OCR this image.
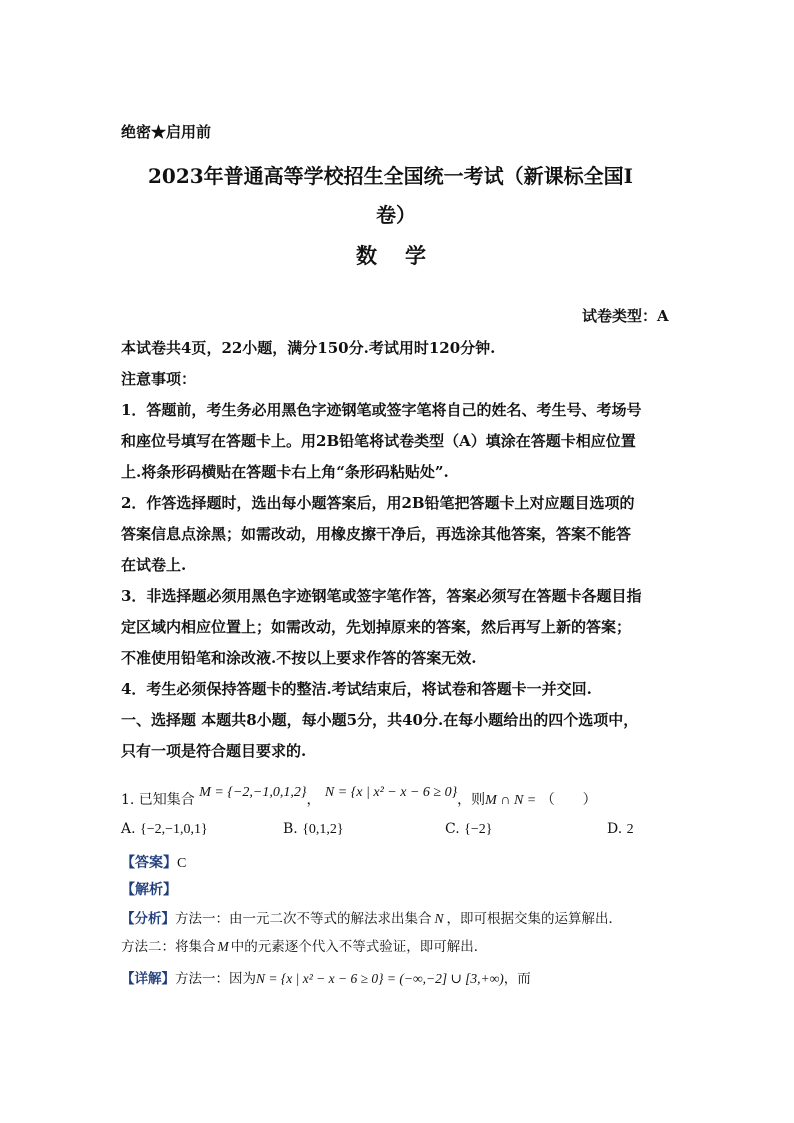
绝密★启用前
2023年普通高等学校招生全国统一考试（新课标全国Ⅰ
卷）
数学
试卷类型：A
本试卷共4页，22小题，满分150分.考试用时120分钟.
注意事项：
1．答题前，考生务必用黑色字迹钢笔或签字笔将自己的姓名、考生号、考场号
和座位号填写在答题卡上。用2B铅笔将试卷类型（A）填涂在答题卡相应位置
上.将条形码横贴在答题卡右上角“条形码粘贴处”.
2．作答选择题时，选出每小题答案后，用2B铅笔把答题卡上对应题目选项的
答案信息点涂黑；如需改动，用橡皮擦干净后，再选涂其他答案，答案不能答
在试卷上.
3．非选择题必须用黑色字迹钢笔或签字笔作答，答案必须写在答题卡各题目指
定区域内相应位置上；如需改动，先划掉原来的答案，然后再写上新的答案；
不准使用铅笔和涂改液.不按以上要求作答的答案无效.
4．考生必须保持答题卡的整洁.考试结束后，将试卷和答题卡一并交回.
一、选择题 本题共8小题，每小题5分，共40分.在每小题给出的四个选项中，
只有一项是符合题目要求的.
1. 已知集合 M = {−2,−1,0,1,2}， N = {x | x² − x − 6 ≥ 0}，则M ∩ N = （　　）
A. {−2,−1,0,1}	B. {0,1,2}	C. {−2}	D. 2
【答案】C
【解析】
【分析】方法一：由一元二次不等式的解法求出集合 N ，即可根据交集的运算解出．
方法二：将集合 M 中的元素逐个代入不等式验证，即可解出．
【详解】方法一：因为N = {x | x² − x − 6 ≥ 0} = (−∞,−2] ∪ [3,+∞)，而
